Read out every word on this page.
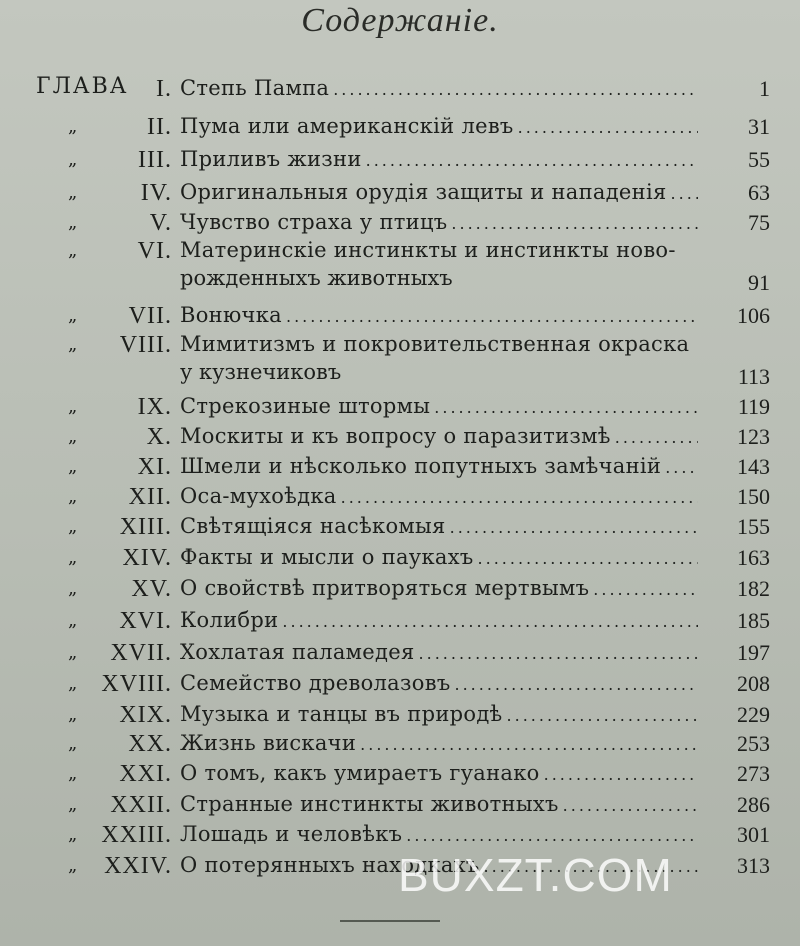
Содержаніе.
ГЛАВА	I. Степь Пампа .....	1
„	II. Пума или американскій левъ .....	31
„	III. Приливъ жизни .....	55
„	IV. Оригинальныя орудія защиты и нападенія .....	63
„	V. Чувство страха у птицъ .....	75
„	VI. Материнскіе инстинкты и инстинкты ново-
рожденныхъ животныхъ	91
„	VII. Вонючка .....	106
„	VIII. Мимитизмъ и покровительственная окраска
у кузнечиковъ	113
„	IX. Стрекозиные штормы .....	119
„	X. Москиты и къ вопросу о паразитизмѣ .....	123
„	XI. Шмели и нѣсколько попутныхъ замѣчаній .....	143
„	XII. Оса-мухоѣдка .....	150
„	XIII. Свѣтящіяся насѣкомыя .....	155
„	XIV. Факты и мысли о паукахъ .....	163
„	XV. О свойствѣ притворяться мертвымъ .....	182
„	XVI. Колибри .....	185
„	XVII. Хохлатая паламедея .....	197
„	XVIII. Семейство древолазовъ .....	208
„	XIX. Музыка и танцы въ природѣ .....	229
„	XX. Жизнь вискачи .....	253
„	XXI. О томъ, какъ умираетъ гуанако .....	273
„	XXII. Странные инстинкты животныхъ .....	286
„	XXIII. Лошадь и человѣкъ .....	301
„	XXIV. О потерянныхъ находкахъ .....	313
BUXZT.COM
